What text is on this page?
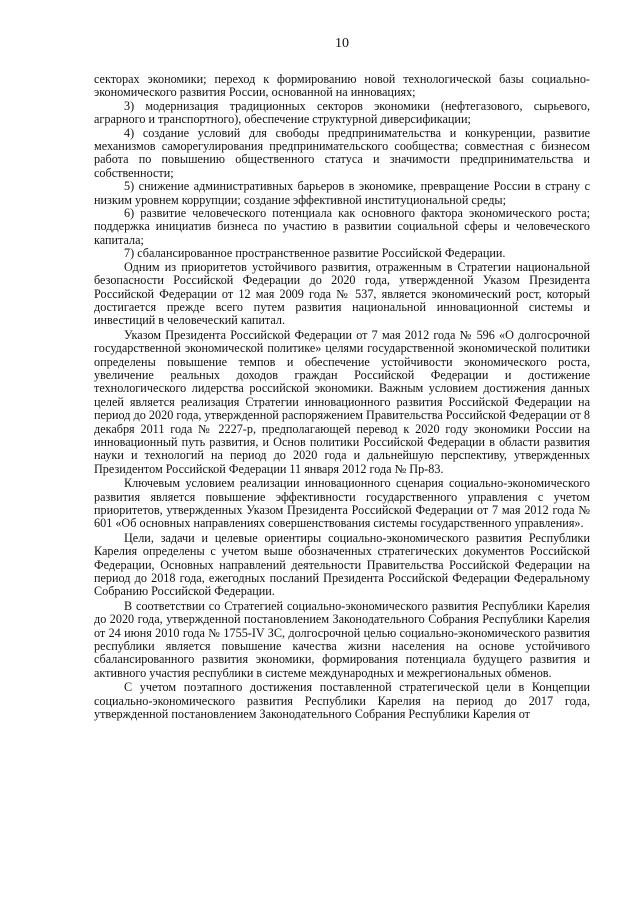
10

секторах экономики; переход к формированию новой технологической базы социально-экономического развития России, основанной на инновациях;

3) модернизация традиционных секторов экономики (нефтегазового, сырьевого, аграрного и транспортного), обеспечение структурной диверсификации;

4) создание условий для свободы предпринимательства и конкуренции, развитие механизмов саморегулирования предпринимательского сообщества; совместная с бизнесом работа по повышению общественного статуса и значимости предпринимательства и собственности;

5) снижение административных барьеров в экономике, превращение России в страну с низким уровнем коррупции; создание эффективной институциональной среды;

6) развитие человеческого потенциала как основного фактора экономического роста; поддержка инициатив бизнеса по участию в развитии социальной сферы и человеческого капитала;

7) сбалансированное пространственное развитие Российской Федерации.

Одним из приоритетов устойчивого развития, отраженным в Стратегии национальной безопасности Российской Федерации до 2020 года, утвержденной Указом Президента Российской Федерации от 12 мая 2009 года № 537, является экономический рост, который достигается прежде всего путем развития национальной инновационной системы и инвестиций в человеческий капитал.

Указом Президента Российской Федерации от 7 мая 2012 года № 596 «О долгосрочной государственной экономической политике» целями государственной экономической политики определены повышение темпов и обеспечение устойчивости экономического роста, увеличение реальных доходов граждан Российской Федерации и достижение технологического лидерства российской экономики. Важным условием достижения данных целей является реализация Стратегии инновационного развития Российской Федерации на период до 2020 года, утвержденной распоряжением Правительства Российской Федерации от 8 декабря 2011 года № 2227-р, предполагающей перевод к 2020 году экономики России на инновационный путь развития, и Основ политики Российской Федерации в области развития науки и технологий на период до 2020 года и дальнейшую перспективу, утвержденных Президентом Российской Федерации 11 января 2012 года № Пр-83.

Ключевым условием реализации инновационного сценария социально-экономического развития является повышение эффективности государственного управления с учетом приоритетов, утвержденных Указом Президента Российской Федерации от 7 мая 2012 года № 601 «Об основных направлениях совершенствования системы государственного управления».

Цели, задачи и целевые ориентиры социально-экономического развития Республики Карелия определены с учетом выше обозначенных стратегических документов Российской Федерации, Основных направлений деятельности Правительства Российской Федерации на период до 2018 года, ежегодных посланий Президента Российской Федерации Федеральному Собранию Российской Федерации.

В соответствии со Стратегией социально-экономического развития Республики Карелия до 2020 года, утвержденной постановлением Законодательного Собрания Республики Карелия от 24 июня 2010 года № 1755-IV ЗС, долгосрочной целью социально-экономического развития республики является повышение качества жизни населения на основе устойчивого сбалансированного развития экономики, формирования потенциала будущего развития и активного участия республики в системе международных и межрегиональных обменов.

С учетом поэтапного достижения поставленной стратегической цели в Концепции социально-экономического развития Республики Карелия на период до 2017 года, утвержденной постановлением Законодательного Собрания Республики Карелия от
